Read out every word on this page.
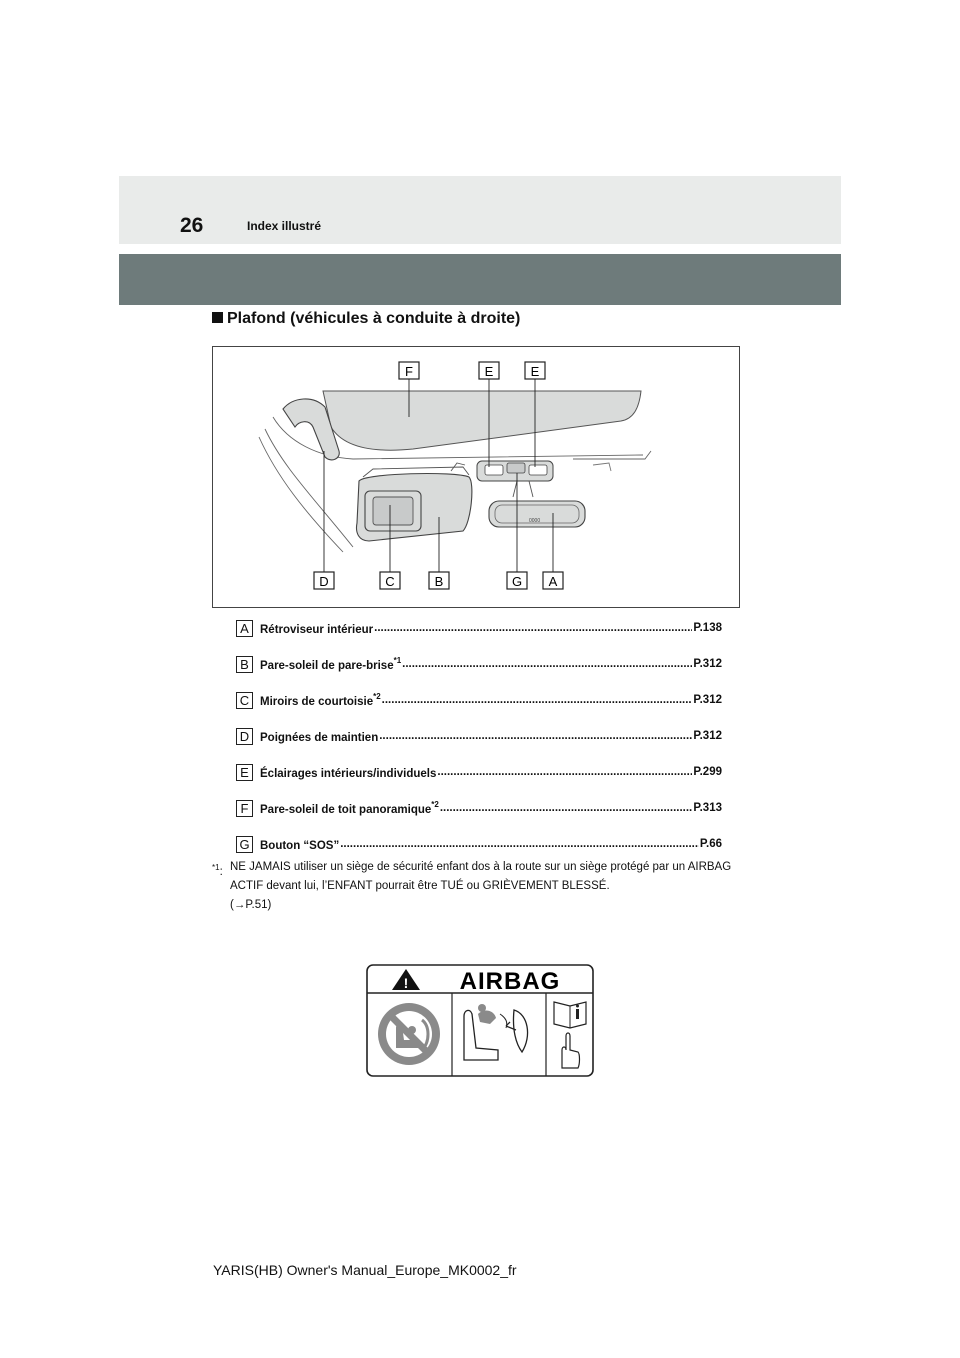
26	Index illustré
Plafond (véhicules à conduite à droite)
0000
F	E	E
D	C	B	G A
A Rétroviseur intérieur .....	P.138
B Pare-soleil de pare-brise$^{*1}$ .....	P.312
C Miroirs de courtoisie$^{*2}$ .....	P.312
D Poignées de maintien .....	P.312
E Éclairages intérieurs/individuels .....	P.299
F	Pare-soleil de toit panoramique$^{*2}$ .....	P.313
G Bouton “SOS” .....	P.66
$^{*1}$: NE JAMAIS utiliser un siège de sécurité enfant dos à la route sur un siège protégé par un AIRBAG ACTIF devant lui, l’ENFANT pourrait être TUÉ ou GRIÈVEMENT BLESSÉ.
(→P.51)
! AIRBAG
YARIS(HB) Owner's Manual_Europe_MK0002_fr
